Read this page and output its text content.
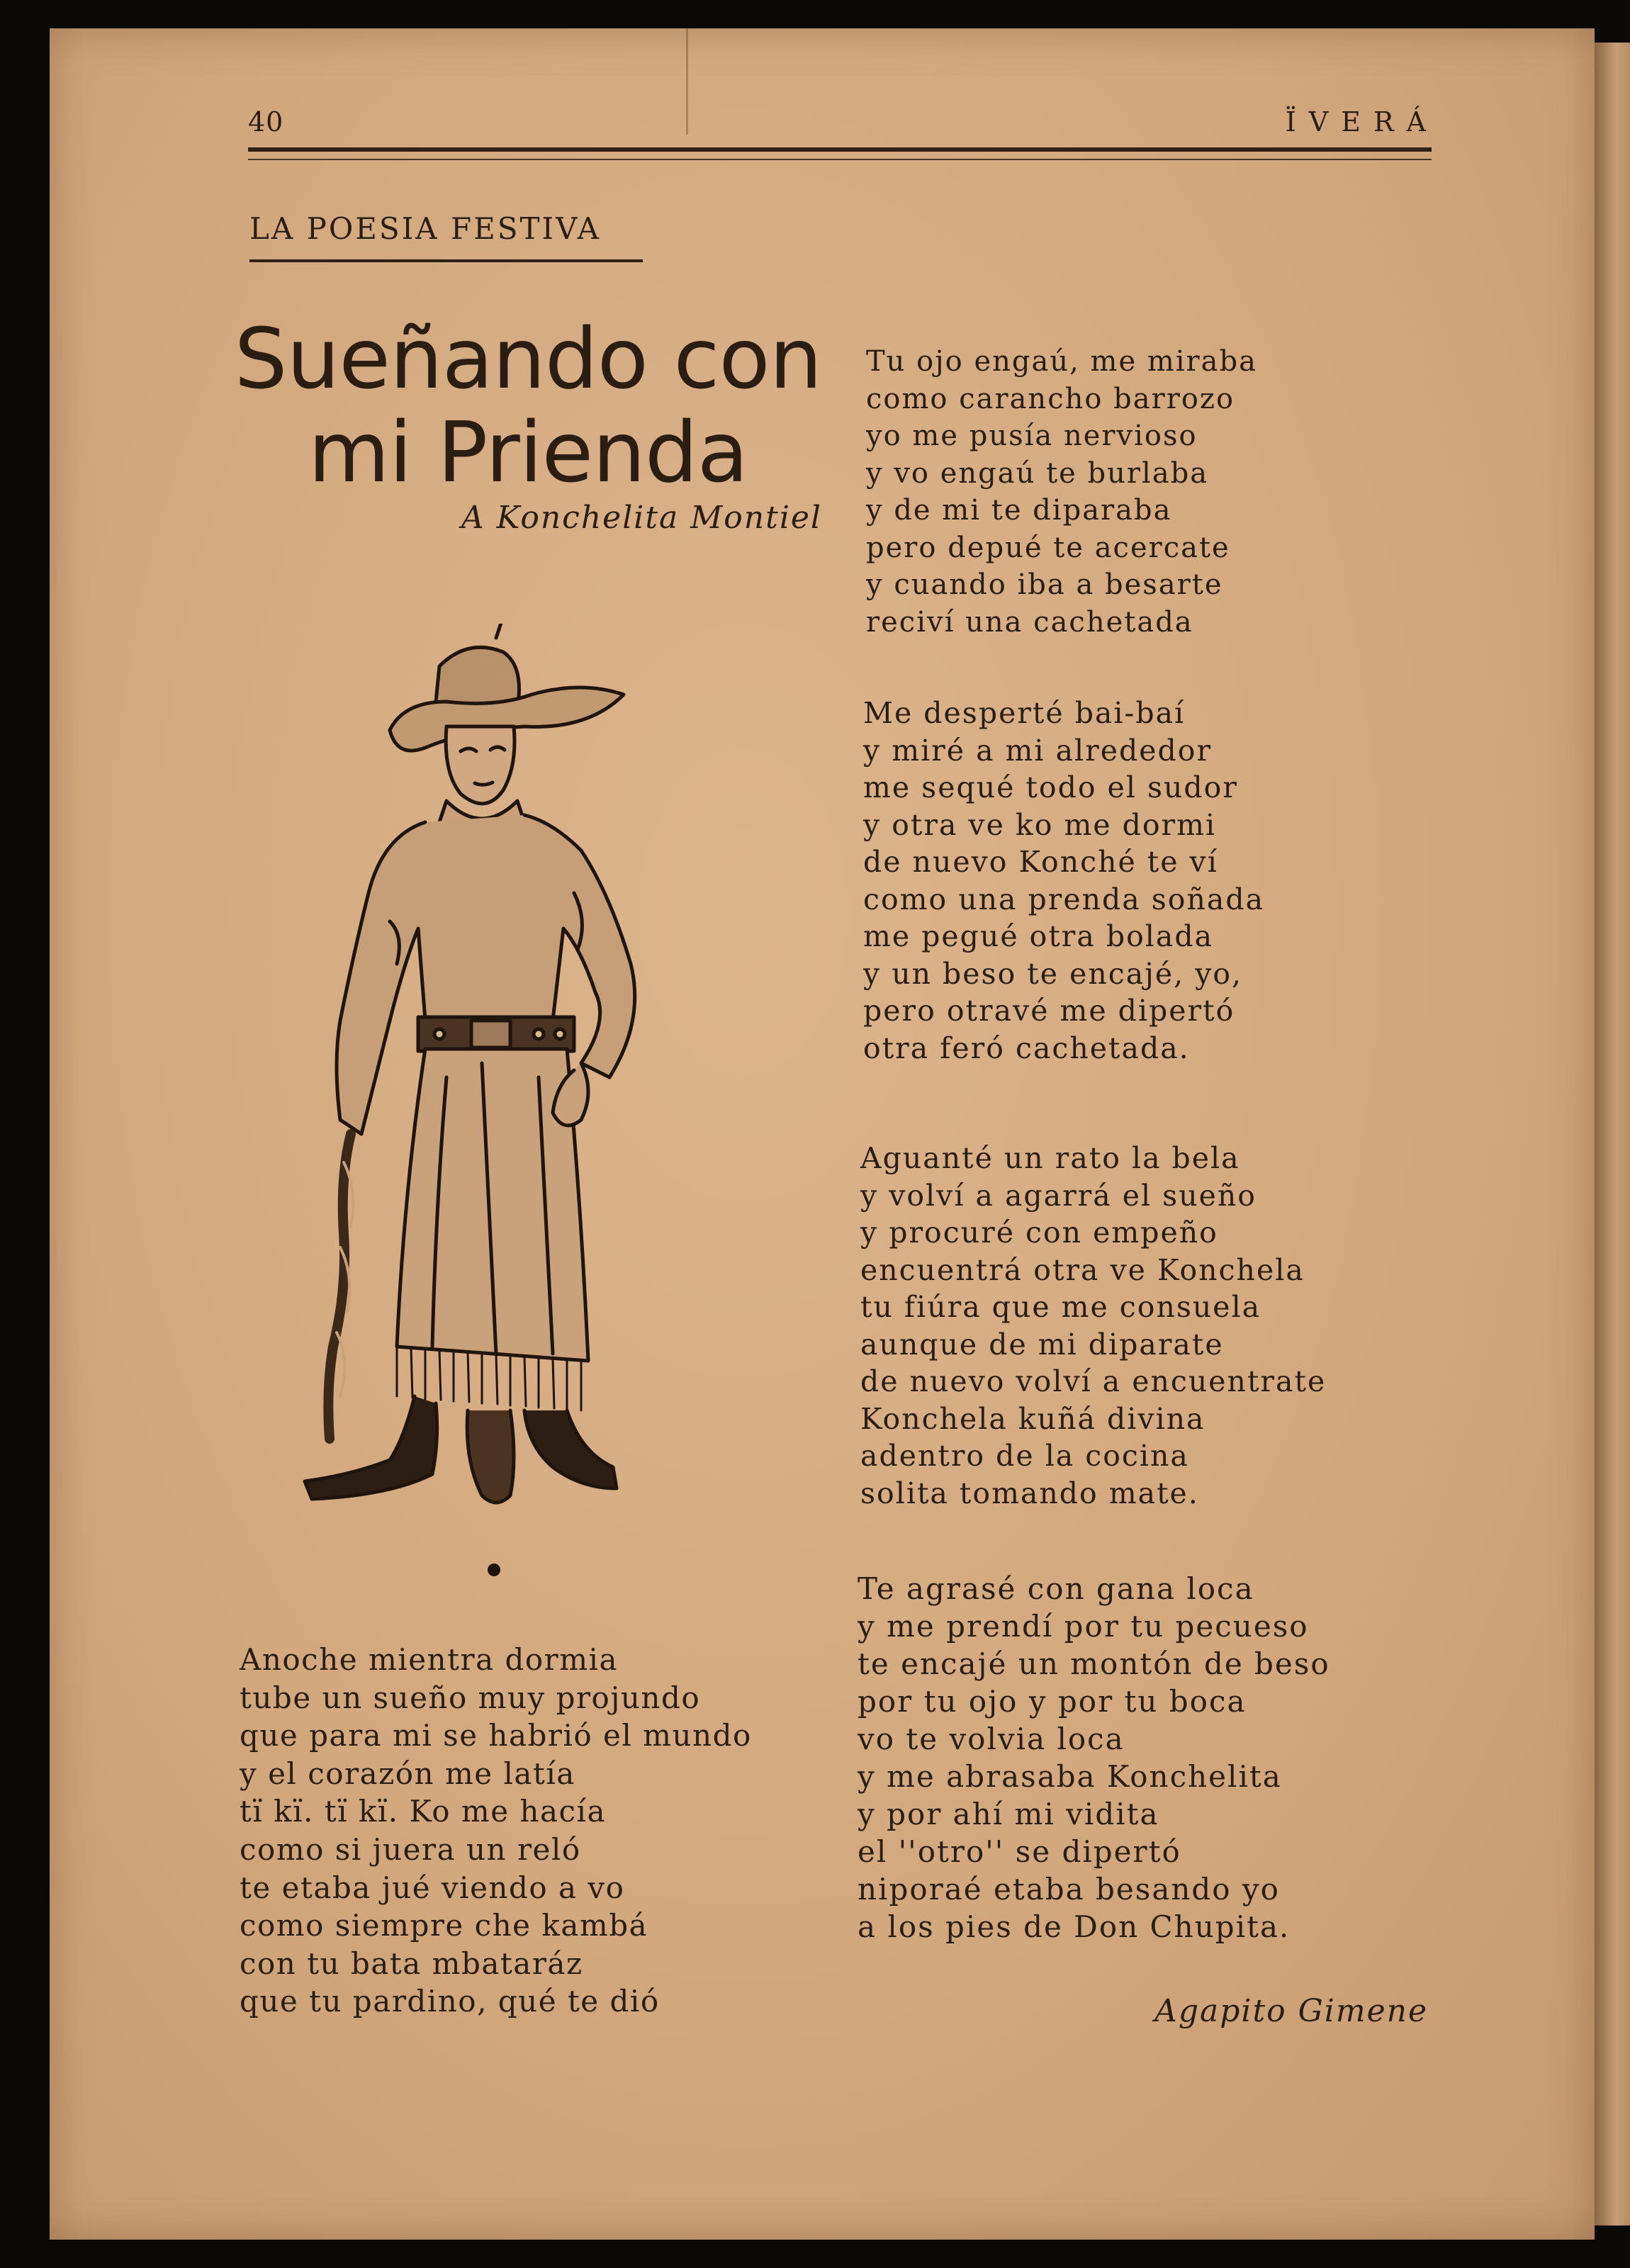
40	ÏVERÁ
LA POESIA FESTIVA
Sueñando con
mi Prienda
A Konchelita Montiel
Anoche mientra dormia
tube un sueño muy projundo
que para mi se habrió el mundo
y el corazón me latía
tï kï. tï kï. Ko me hacía
como si juera un reló
te etaba jué viendo a vo
como siempre che kambá
con tu bata mbataráz
que tu pardino, qué te dió
Tu ojo engaú, me miraba
como carancho barrozo
yo me pusía nervioso
y vo engaú te burlaba
y de mi te diparaba
pero depué te acercate
y cuando iba a besarte
reciví una cachetada
Me desperté bai-baí
y miré a mi alrededor
me sequé todo el sudor
y otra ve ko me dormi
de nuevo Konché te ví
como una prenda soñada
me pegué otra bolada
y un beso te encajé, yo,
pero otravé me dipertó
otra feró cachetada.
Aguanté un rato la bela
y volví a agarrá el sueño
y procuré con empeño
encuentrá otra ve Konchela
tu fiúra que me consuela
aunque de mi diparate
de nuevo volví a encuentrate
Konchela kuñá divina
adentro de la cocina
solita tomando mate.
Te agrasé con gana loca
y me prendí por tu pecueso
te encajé un montón de beso
por tu ojo y por tu boca
vo te volvia loca
y me abrasaba Konchelita
y por ahí mi vidita
el ''otro'' se dipertó
niporaé etaba besando yo
a los pies de Don Chupita.
Agapito Gimene
